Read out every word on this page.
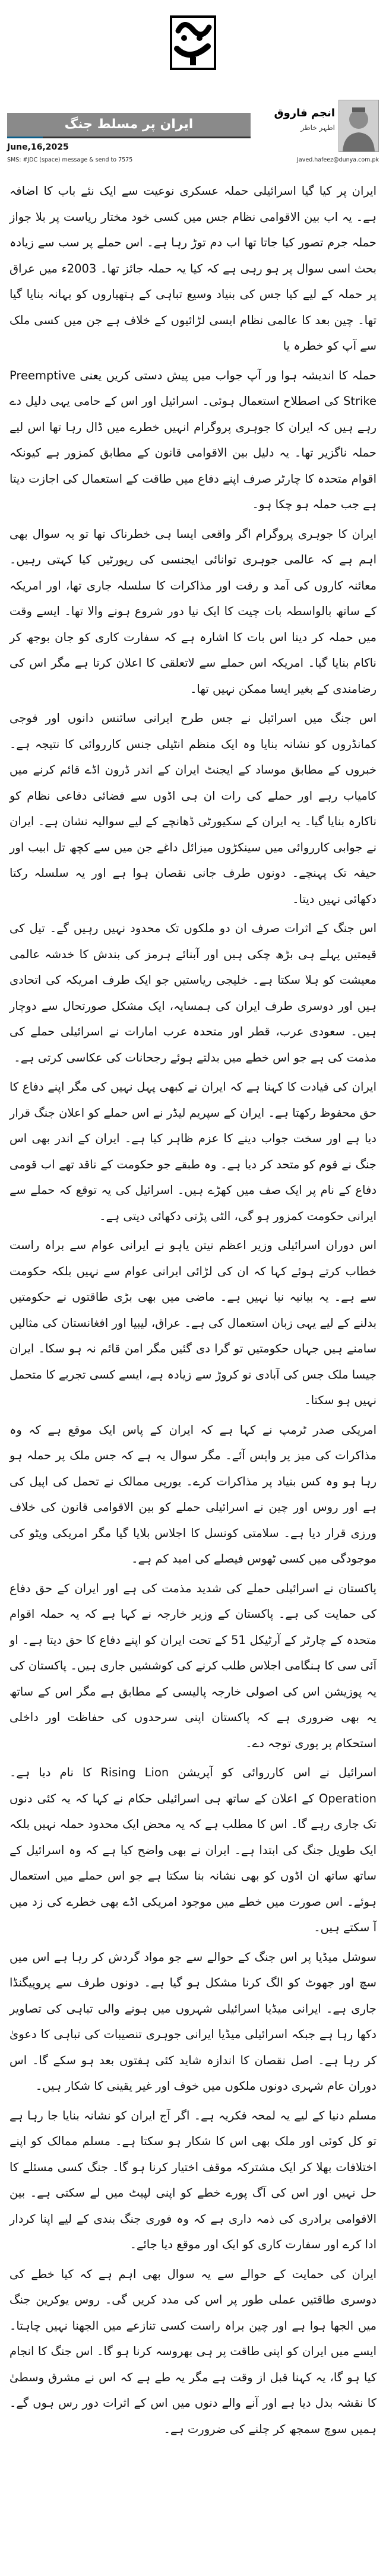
ایران پر مسلط جنگ
June,16,2025
SMS: #JDC (space) message & send to 7575
انجم فاروق
اطہر خاطر
Javed.hafeez@dunya.com.pk

ایران پر کیا گیا اسرائیلی حملہ عسکری نوعیت سے ایک نئے باب کا اضافہ ہے۔ یہ اب بین الاقوامی نظام جس میں کسی خود مختار ریاست پر بلا جواز حملہ جرم تصور کیا جاتا تھا اب دم توڑ رہا ہے۔ اس حملے پر سب سے زیادہ بحث اسی سوال پر ہو رہی ہے کہ کیا یہ حملہ جائز تھا۔ 2003ء میں عراق پر حملہ کے لیے کیا جس کی بنیاد وسیع تباہی کے ہتھیاروں کو بہانہ بنایا گیا تھا۔ چین بعد کا عالمی نظام ایسی لڑائیوں کے خلاف ہے جن میں کسی ملک سے آپ کو خطرہ یا

حملہ کا اندیشہ ہوا ور آپ جواب میں پیش دستی کریں یعنی Preemptive Strike کی اصطلاح استعمال ہوئی۔ اسرائیل اور اس کے حامی یہی دلیل دے رہے ہیں کہ ایران کا جوہری پروگرام انہیں خطرے میں ڈال رہا تھا اس لیے حملہ ناگزیر تھا۔ یہ دلیل بین الاقوامی قانون کے مطابق کمزور ہے کیونکہ اقوام متحدہ کا چارٹر صرف اپنے دفاع میں طاقت کے استعمال کی اجازت دیتا ہے جب حملہ ہو چکا ہو۔

ایران کا جوہری پروگرام اگر واقعی ایسا ہی خطرناک تھا تو یہ سوال بھی اہم ہے کہ عالمی جوہری توانائی ایجنسی کی رپورٹیں کیا کہتی رہیں۔ معائنہ کاروں کی آمد و رفت اور مذاکرات کا سلسلہ جاری تھا، اور امریکہ کے ساتھ بالواسطہ بات چیت کا ایک نیا دور شروع ہونے والا تھا۔ ایسے وقت میں حملہ کر دینا اس بات کا اشارہ ہے کہ سفارت کاری کو جان بوجھ کر ناکام بنایا گیا۔ امریکہ اس حملے سے لاتعلقی کا اعلان کرتا ہے مگر اس کی رضامندی کے بغیر ایسا ممکن نہیں تھا۔

اس جنگ میں اسرائیل نے جس طرح ایرانی سائنس دانوں اور فوجی کمانڈروں کو نشانہ بنایا وہ ایک منظم انٹیلی جنس کارروائی کا نتیجہ ہے۔ خبروں کے مطابق موساد کے ایجنٹ ایران کے اندر ڈرون اڈے قائم کرنے میں کامیاب رہے اور حملے کی رات ان ہی اڈوں سے فضائی دفاعی نظام کو ناکارہ بنایا گیا۔ یہ ایران کے سکیورٹی ڈھانچے کے لیے سوالیہ نشان ہے۔ ایران نے جوابی کارروائی میں سینکڑوں میزائل داغے جن میں سے کچھ تل ابیب اور حیفہ تک پہنچے۔ دونوں طرف جانی نقصان ہوا ہے اور یہ سلسلہ رکتا دکھائی نہیں دیتا۔

اس جنگ کے اثرات صرف ان دو ملکوں تک محدود نہیں رہیں گے۔ تیل کی قیمتیں پہلے ہی بڑھ چکی ہیں اور آبنائے ہرمز کی بندش کا خدشہ عالمی معیشت کو ہلا سکتا ہے۔ خلیجی ریاستیں جو ایک طرف امریکہ کی اتحادی ہیں اور دوسری طرف ایران کی ہمسایہ، ایک مشکل صورتحال سے دوچار ہیں۔ سعودی عرب، قطر اور متحدہ عرب امارات نے اسرائیلی حملے کی مذمت کی ہے جو اس خطے میں بدلتے ہوئے رجحانات کی عکاسی کرتی ہے۔

ایران کی قیادت کا کہنا ہے کہ ایران نے کبھی پہل نہیں کی مگر اپنے دفاع کا حق محفوظ رکھتا ہے۔ ایران کے سپریم لیڈر نے اس حملے کو اعلان جنگ قرار دیا ہے اور سخت جواب دینے کا عزم ظاہر کیا ہے۔ ایران کے اندر بھی اس جنگ نے قوم کو متحد کر دیا ہے۔ وہ طبقے جو حکومت کے ناقد تھے اب قومی دفاع کے نام پر ایک صف میں کھڑے ہیں۔ اسرائیل کی یہ توقع کہ حملے سے ایرانی حکومت کمزور ہو گی، الٹی پڑتی دکھائی دیتی ہے۔

اس دوران اسرائیلی وزیر اعظم نیتن یاہو نے ایرانی عوام سے براہ راست خطاب کرتے ہوئے کہا کہ ان کی لڑائی ایرانی عوام سے نہیں بلکہ حکومت سے ہے۔ یہ بیانیہ نیا نہیں ہے۔ ماضی میں بھی بڑی طاقتوں نے حکومتیں بدلنے کے لیے یہی زبان استعمال کی ہے۔ عراق، لیبیا اور افغانستان کی مثالیں سامنے ہیں جہاں حکومتیں تو گرا دی گئیں مگر امن قائم نہ ہو سکا۔ ایران جیسا ملک جس کی آبادی نو کروڑ سے زیادہ ہے، ایسے کسی تجربے کا متحمل نہیں ہو سکتا۔

امریکی صدر ٹرمپ نے کہا ہے کہ ایران کے پاس ایک موقع ہے کہ وہ مذاکرات کی میز پر واپس آئے۔ مگر سوال یہ ہے کہ جس ملک پر حملہ ہو رہا ہو وہ کس بنیاد پر مذاکرات کرے۔ یورپی ممالک نے تحمل کی اپیل کی ہے اور روس اور چین نے اسرائیلی حملے کو بین الاقوامی قانون کی خلاف ورزی قرار دیا ہے۔ سلامتی کونسل کا اجلاس بلایا گیا مگر امریکی ویٹو کی موجودگی میں کسی ٹھوس فیصلے کی امید کم ہے۔

پاکستان نے اسرائیلی حملے کی شدید مذمت کی ہے اور ایران کے حق دفاع کی حمایت کی ہے۔ پاکستان کے وزیر خارجہ نے کہا ہے کہ یہ حملہ اقوام متحدہ کے چارٹر کے آرٹیکل 51 کے تحت ایران کو اپنے دفاع کا حق دیتا ہے۔ او آئی سی کا ہنگامی اجلاس طلب کرنے کی کوششیں جاری ہیں۔ پاکستان کی یہ پوزیشن اس کی اصولی خارجہ پالیسی کے مطابق ہے مگر اس کے ساتھ یہ بھی ضروری ہے کہ پاکستان اپنی سرحدوں کی حفاظت اور داخلی استحکام پر پوری توجہ دے۔

اسرائیل نے اس کارروائی کو آپریشن Rising Lion کا نام دیا ہے۔ Operation کے اعلان کے ساتھ ہی اسرائیلی حکام نے کہا کہ یہ کئی دنوں تک جاری رہے گا۔ اس کا مطلب ہے کہ یہ محض ایک محدود حملہ نہیں بلکہ ایک طویل جنگ کی ابتدا ہے۔ ایران نے بھی واضح کیا ہے کہ وہ اسرائیل کے ساتھ ساتھ ان اڈوں کو بھی نشانہ بنا سکتا ہے جو اس حملے میں استعمال ہوئے۔ اس صورت میں خطے میں موجود امریکی اڈے بھی خطرے کی زد میں آ سکتے ہیں۔

سوشل میڈیا پر اس جنگ کے حوالے سے جو مواد گردش کر رہا ہے اس میں سچ اور جھوٹ کو الگ کرنا مشکل ہو گیا ہے۔ دونوں طرف سے پروپیگنڈا جاری ہے۔ ایرانی میڈیا اسرائیلی شہروں میں ہونے والی تباہی کی تصاویر دکھا رہا ہے جبکہ اسرائیلی میڈیا ایرانی جوہری تنصیبات کی تباہی کا دعویٰ کر رہا ہے۔ اصل نقصان کا اندازہ شاید کئی ہفتوں بعد ہو سکے گا۔ اس دوران عام شہری دونوں ملکوں میں خوف اور غیر یقینی کا شکار ہیں۔

مسلم دنیا کے لیے یہ لمحہ فکریہ ہے۔ اگر آج ایران کو نشانہ بنایا جا رہا ہے تو کل کوئی اور ملک بھی اس کا شکار ہو سکتا ہے۔ مسلم ممالک کو اپنے اختلافات بھلا کر ایک مشترکہ موقف اختیار کرنا ہو گا۔ جنگ کسی مسئلے کا حل نہیں اور اس کی آگ پورے خطے کو اپنی لپیٹ میں لے سکتی ہے۔ بین الاقوامی برادری کی ذمہ داری ہے کہ وہ فوری جنگ بندی کے لیے اپنا کردار ادا کرے اور سفارت کاری کو ایک اور موقع دیا جائے۔

ایران کی حمایت کے حوالے سے یہ سوال بھی اہم ہے کہ کیا خطے کی دوسری طاقتیں عملی طور پر اس کی مدد کریں گی۔ روس یوکرین جنگ میں الجھا ہوا ہے اور چین براہ راست کسی تنازعے میں الجھنا نہیں چاہتا۔ ایسے میں ایران کو اپنی طاقت پر ہی بھروسہ کرنا ہو گا۔ اس جنگ کا انجام کیا ہو گا، یہ کہنا قبل از وقت ہے مگر یہ طے ہے کہ اس نے مشرق وسطیٰ کا نقشہ بدل دیا ہے اور آنے والے دنوں میں اس کے اثرات دور رس ہوں گے۔ ہمیں سوچ سمجھ کر چلنے کی ضرورت ہے۔
